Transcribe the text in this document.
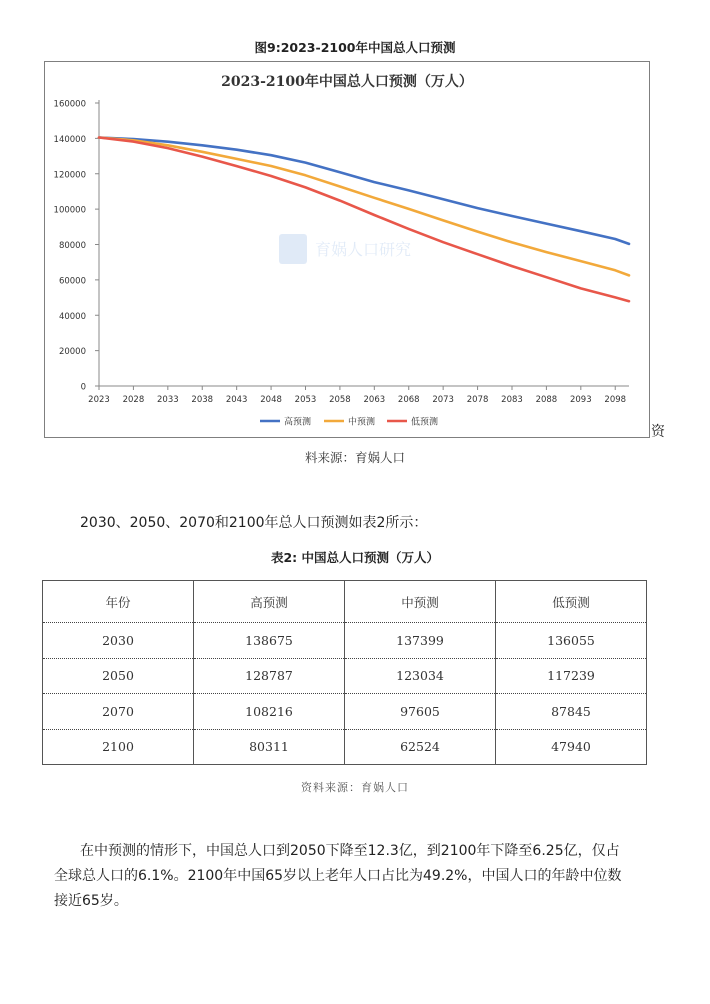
图9:2023-2100年中国总人口预测
2023-2100年中国总人口预测（万人）
育娲人口研究
0
20000
40000
60000
80000
100000
120000
140000
160000
2023 2028 2033 2038 2043 2048 2053 2058 2063 2068 2073 2078 2083 2088 2093 2098
高预测	中预测	低预测
资
料来源：育娲人口
2030、2050、2070和2100年总人口预测如表2所示：
表2: 中国总人口预测（万人）
年份	高预测	中预测	低预测
2030	138675	137399	136055
2050	128787	123034	117239
2070	108216	97605	87845
2100	80311	62524	47940
资料来源：育娲人口
在中预测的情形下，中国总人口到2050下降至12.3亿，到2100年下降至6.25亿，仅占
全球总人口的6.1%。2100年中国65岁以上老年人口占比为49.2%，中国人口的年龄中位数
接近65岁。
